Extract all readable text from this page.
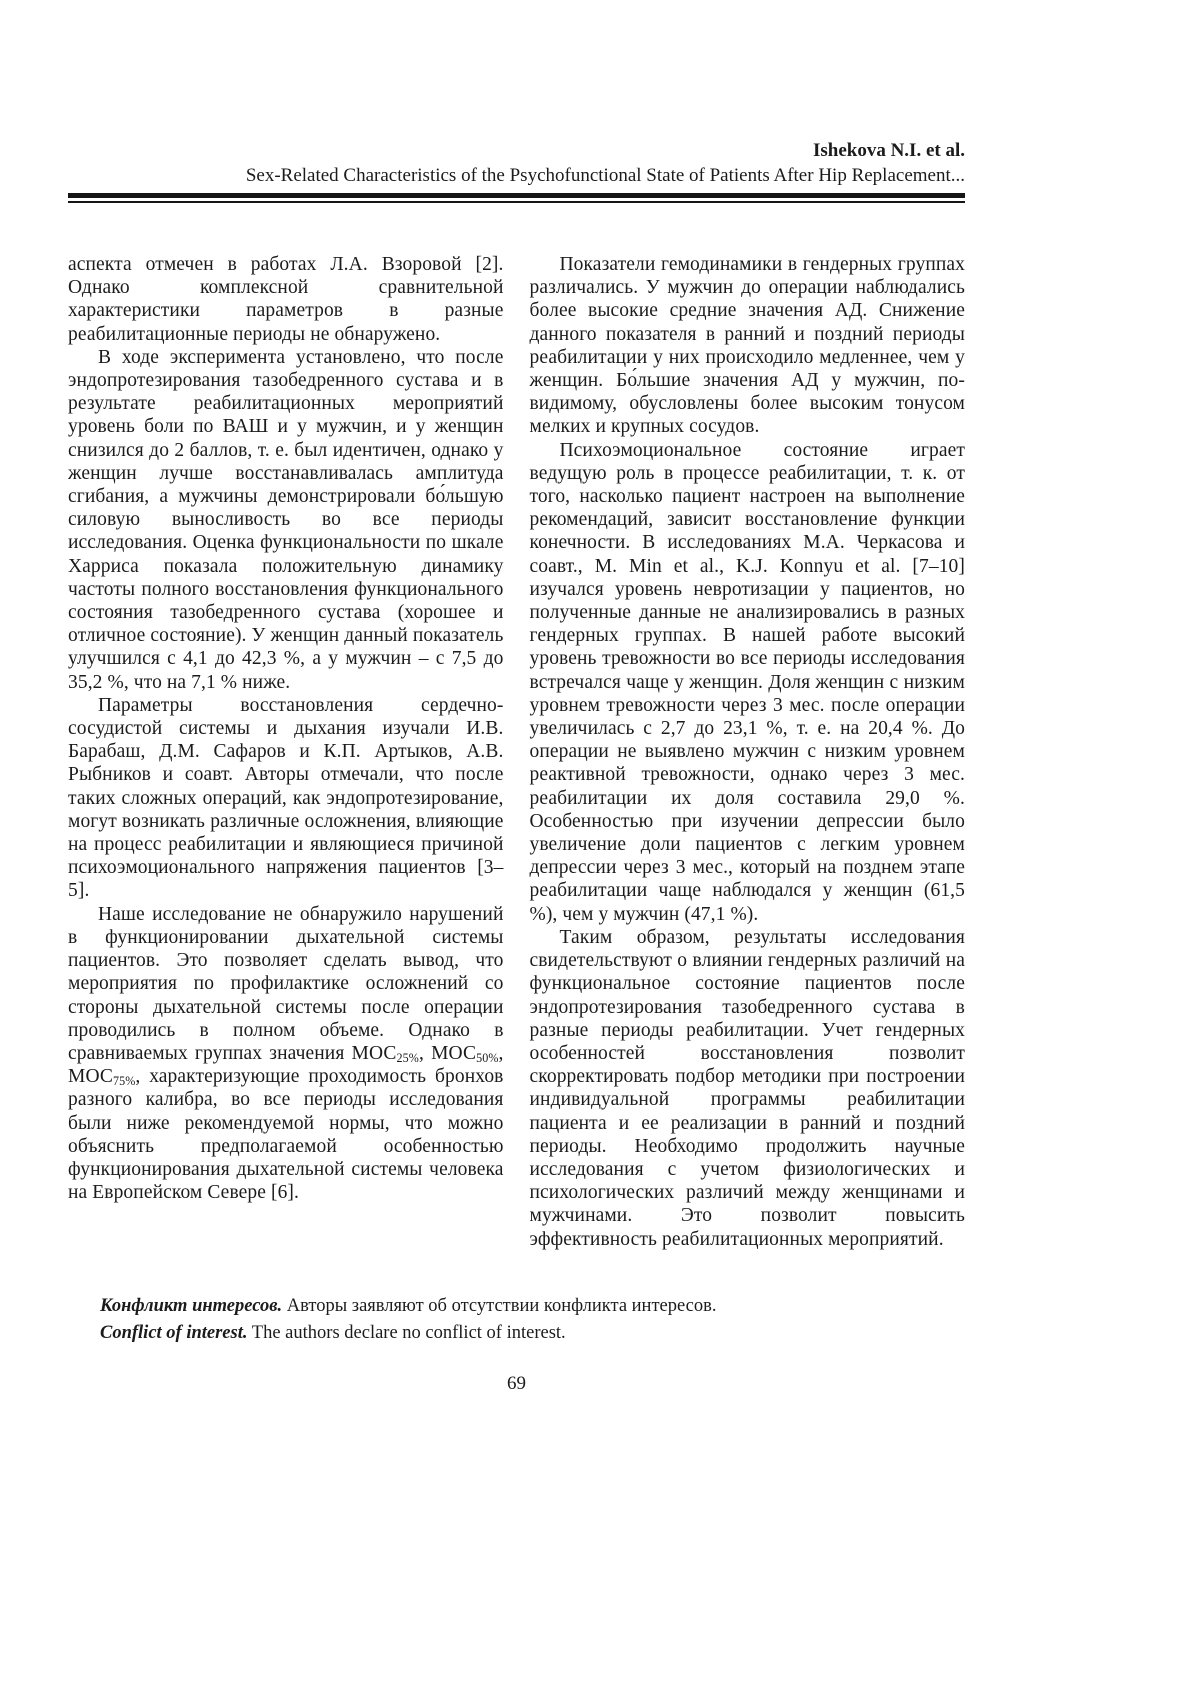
Ishekova N.I. et al.
Sex-Related Characteristics of the Psychofunctional State of Patients After Hip Replacement...

аспекта отмечен в работах Л.А. Взоровой [2]. Однако комплексной сравнительной характеристики параметров в разные реабилитационные периоды не обнаружено.

В ходе эксперимента установлено, что после эндопротезирования тазобедренного сустава и в результате реабилитационных мероприятий уровень боли по ВАШ и у мужчин, и у женщин снизился до 2 баллов, т. е. был идентичен, однако у женщин лучше восстанавливалась амплитуда сгибания, а мужчины демонстрировали бо́льшую силовую выносливость во все периоды исследования. Оценка функциональности по шкале Харриса показала положительную динамику частоты полного восстановления функционального состояния тазобедренного сустава (хорошее и отличное состояние). У женщин данный показатель улучшился с 4,1 до 42,3 %, а у мужчин – с 7,5 до 35,2 %, что на 7,1 % ниже.

Параметры восстановления сердечно-сосудистой системы и дыхания изучали И.В. Барабаш, Д.М. Сафаров и К.П. Артыков, А.В. Рыбников и соавт. Авторы отмечали, что после таких сложных операций, как эндопротезирование, могут возникать различные осложнения, влияющие на процесс реабилитации и являющиеся причиной психоэмоционального напряжения пациентов [3–5].

Наше исследование не обнаружило нарушений в функционировании дыхательной системы пациентов. Это позволяет сделать вывод, что мероприятия по профилактике осложнений со стороны дыхательной системы после операции проводились в полном объеме. Однако в сравниваемых группах значения $МОС_{25\%}$, $МОС_{50\%}$, $МОС_{75\%}$, характеризующие проходимость бронхов разного калибра, во все периоды исследования были ниже рекомендуемой нормы, что можно объяснить предполагаемой особенностью функционирования дыхательной системы человека на Европейском Севере [6].

Показатели гемодинамики в гендерных группах различались. У мужчин до операции наблюдались более высокие средние значения АД. Снижение данного показателя в ранний и поздний периоды реабилитации у них происходило медленнее, чем у женщин. Бо́льшие значения АД у мужчин, по-видимому, обусловлены более высоким тонусом мелких и крупных сосудов.

Психоэмоциональное состояние играет ведущую роль в процессе реабилитации, т. к. от того, насколько пациент настроен на выполнение рекомендаций, зависит восстановление функции конечности. В исследованиях М.А. Черкасова и соавт., M. Min et al., K.J. Konnyu et al. [7–10] изучался уровень невротизации у пациентов, но полученные данные не анализировались в разных гендерных группах. В нашей работе высокий уровень тревожности во все периоды исследования встречался чаще у женщин. Доля женщин с низким уровнем тревожности через 3 мес. после операции увеличилась с 2,7 до 23,1 %, т. е. на 20,4 %. До операции не выявлено мужчин с низким уровнем реактивной тревожности, однако через 3 мес. реабилитации их доля составила 29,0 %. Особенностью при изучении депрессии было увеличение доли пациентов с легким уровнем депрессии через 3 мес., который на позднем этапе реабилитации чаще наблюдался у женщин (61,5 %), чем у мужчин (47,1 %).

Таким образом, результаты исследования свидетельствуют о влиянии гендерных различий на функциональное состояние пациентов после эндопротезирования тазобедренного сустава в разные периоды реабилитации. Учет гендерных особенностей восстановления позволит скорректировать подбор методики при построении индивидуальной программы реабилитации пациента и ее реализации в ранний и поздний периоды. Необходимо продолжить научные исследования с учетом физиологических и психологических различий между женщинами и мужчинами. Это позволит повысить эффективность реабилитационных мероприятий.

Конфликт интересов. Авторы заявляют об отсутствии конфликта интересов.

Conflict of interest. The authors declare no conflict of interest.

69
